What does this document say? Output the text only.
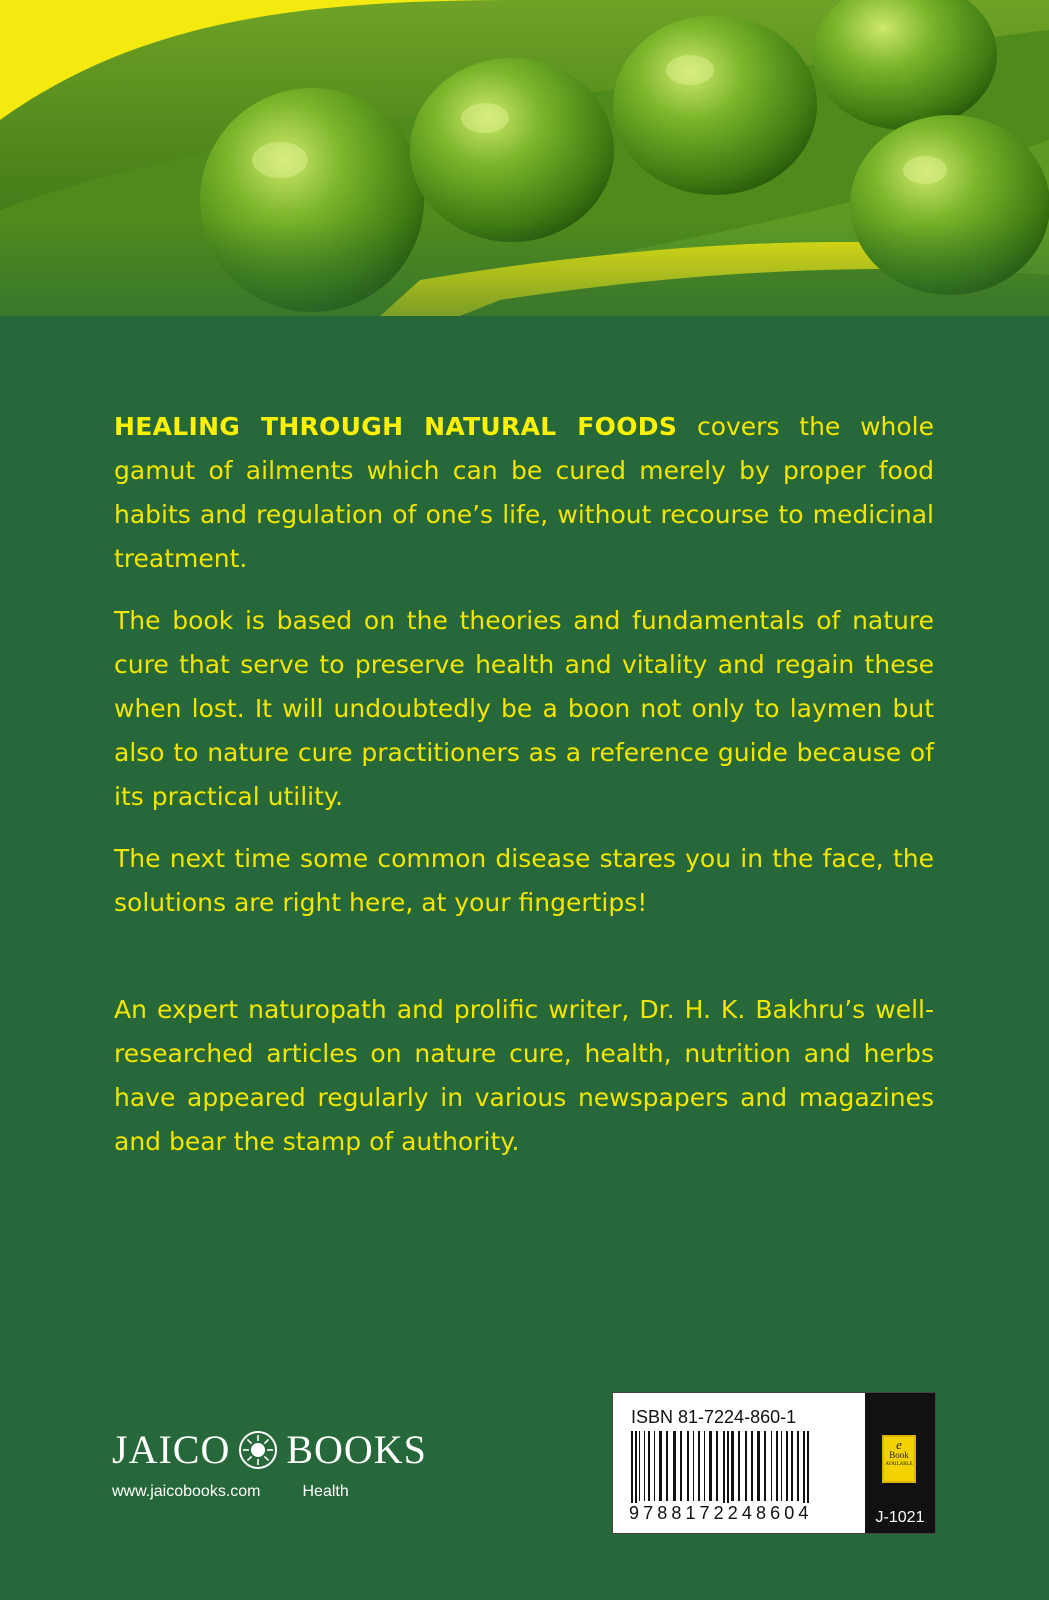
HEALING THROUGH NATURAL FOODS covers the whole gamut of ailments which can be cured merely by proper food habits and regulation of one’s life, without recourse to medicinal treatment.

The book is based on the theories and fundamentals of nature cure that serve to preserve health and vitality and regain these when lost. It will undoubtedly be a boon not only to laymen but also to nature cure practitioners as a reference guide because of its practical utility.

The next time some common disease stares you in the face, the solutions are right here, at your fingertips!

An expert naturopath and prolific writer, Dr. H. K. Bakhru’s well-researched articles on nature cure, health, nutrition and herbs have appeared regularly in various newspapers and magazines and bear the stamp of authority.

JAICO BOOKS
www.jaicobooks.com	Health
ISBN 81-7224-860-1
9788172248604
e
Book
AVAILABLE
J-1021
